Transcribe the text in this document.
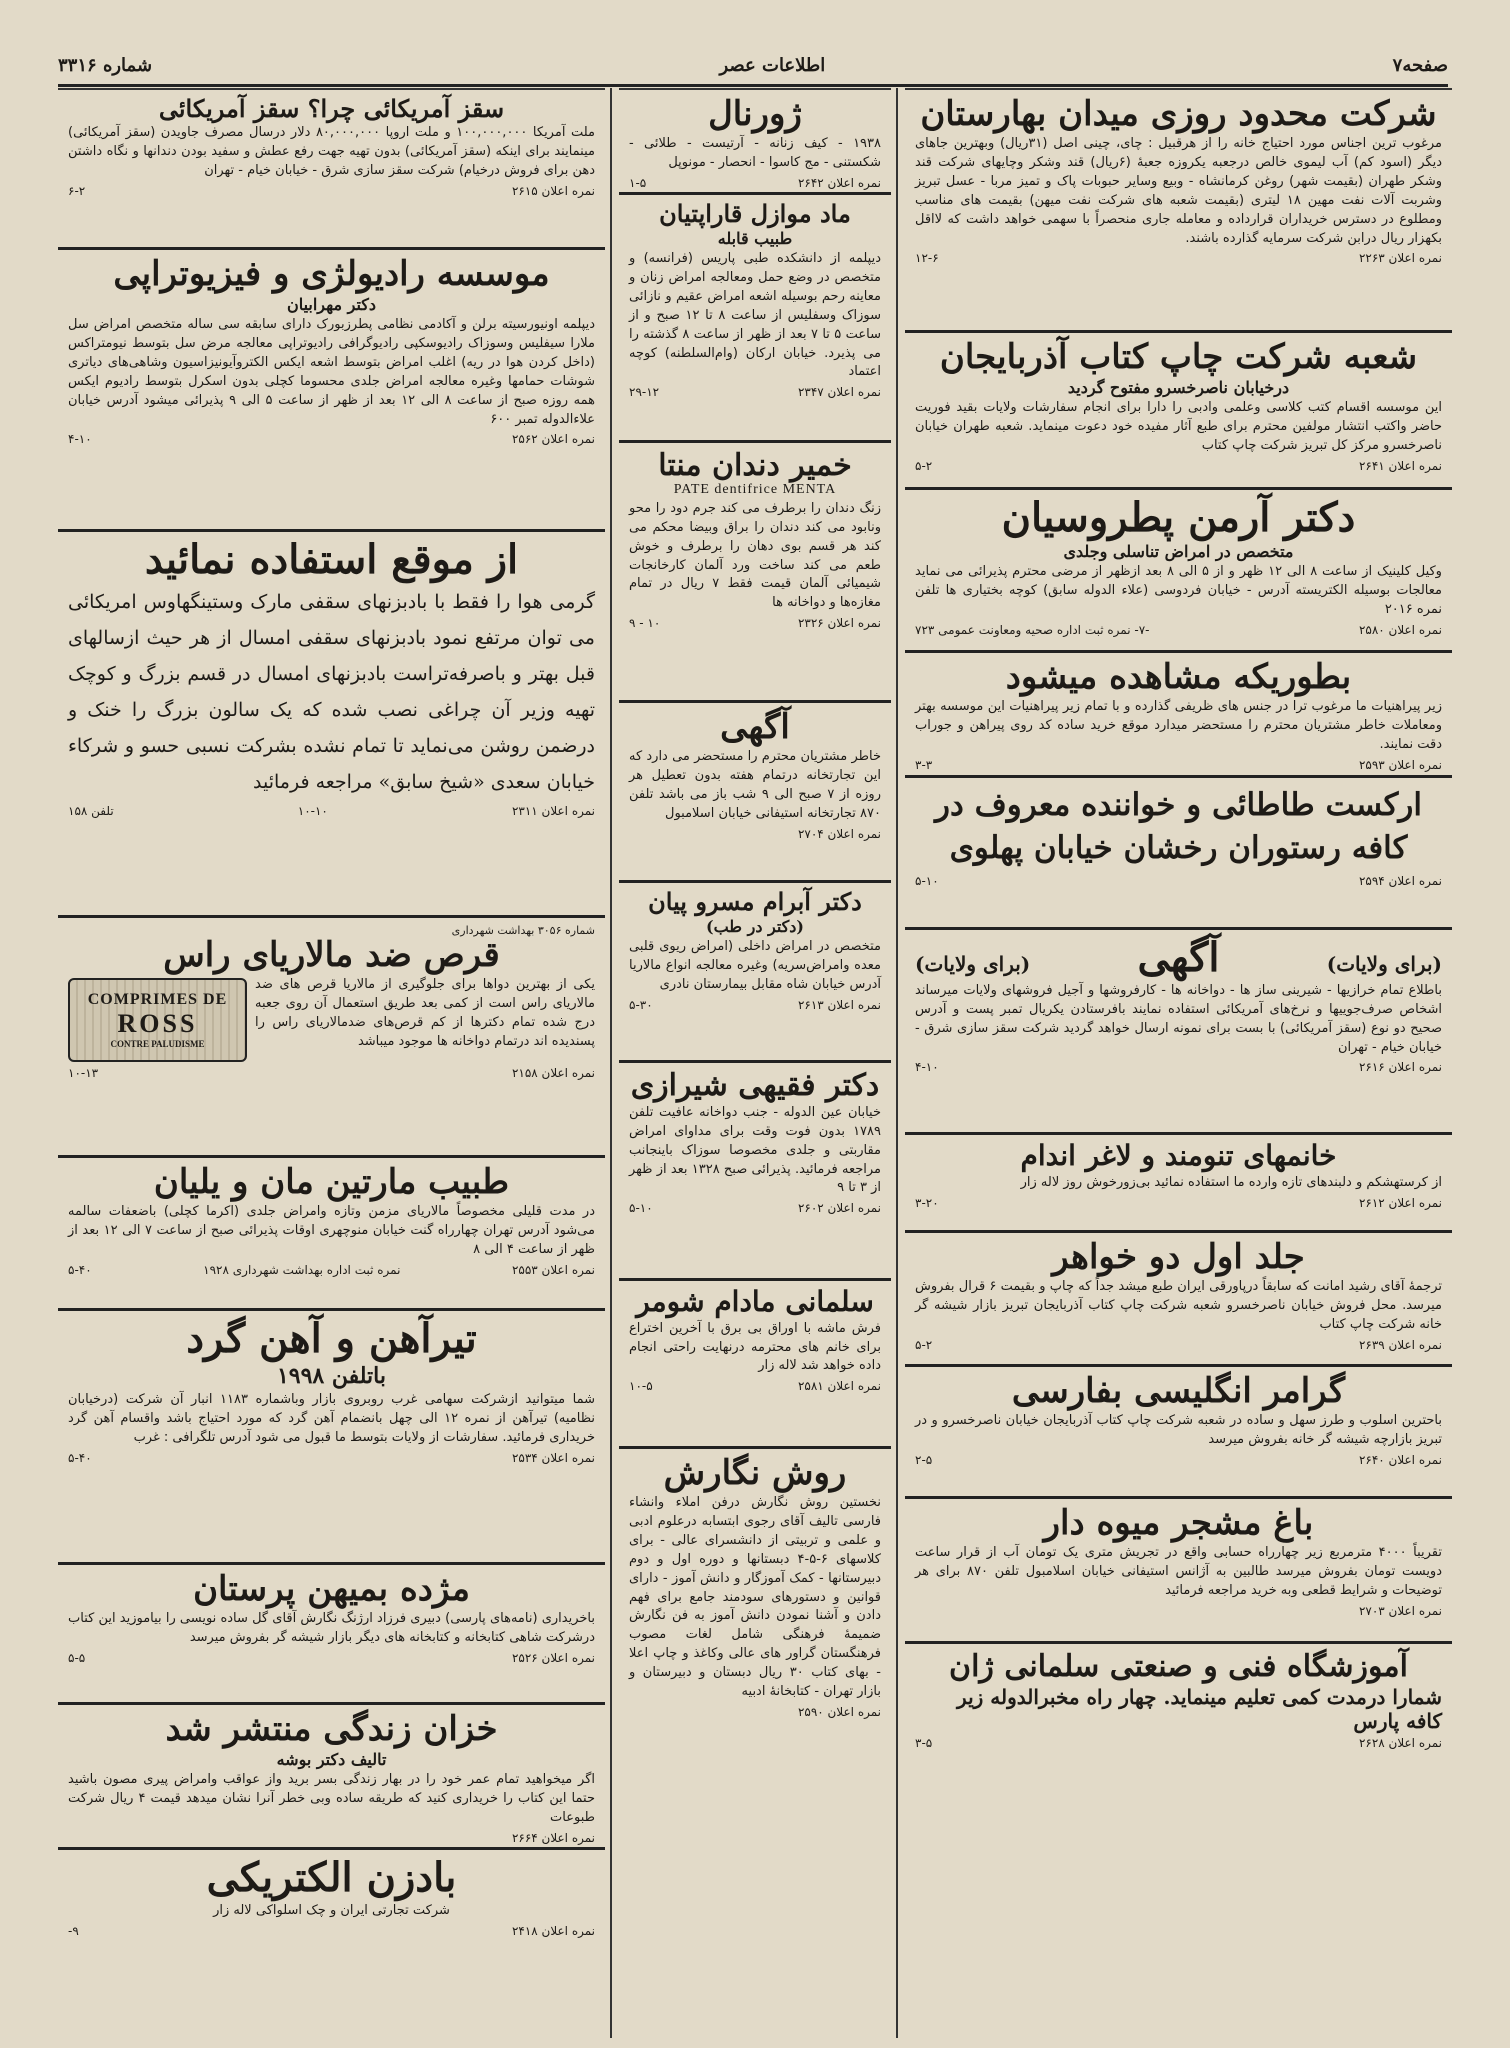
صفحه۷
اطلاعات عصر
شماره ۳۳۱۶
شرکت محدود روزی میدان بهارستان

مرغوب ترین اجناس مورد احتیاج خانه را از هرقبیل : چای، چینی اصل (۳۱ریال) وبهترین جاهای دیگر (اسود کم) آب لیموی خالص درجعبه یکروزه جعبهٔ (۶ریال) قند وشکر وچایهای شرکت قند وشکر طهران (بقیمت شهر) روغن کرمانشاه - وبیع وسایر حبوبات پاک و تمیز مربا - عسل تبریز وشربت آلات نفت مهین ۱۸ لیتری (بقیمت شعبه های شرکت نفت میهن) بقیمت های مناسب ومطلوع در دسترس خریداران قرارداده و معامله جاری منحصراً با سهمی خواهد داشت که لااقل بکهزار ریال درابن شرکت سرمایه گذارده باشند.

نمره اعلان ۲۲۶۳
۱۲-۶
شعبه شرکت چاپ کتاب آذربایجان
درخیابان ناصرخسرو مفتوح گردید

این موسسه اقسام کتب کلاسی وعلمی وادبی را دارا برای انجام سفارشات ولایات بقید فوریت حاضر واکتب انتشار مولفین محترم برای طبع آثار مفیده خود دعوت مینماید. شعبه طهران خیابان ناصرخسرو مرکز کل تبریز شرکت چاپ کتاب

نمره اعلان ۲۶۴۱
۵-۲
دکتر آرمن پطروسیان
متخصص در امراض تناسلی وجلدی

وکیل کلینیک از ساعت ۸ الی ۱۲ ظهر و از ۵ الی ۸ بعد ازظهر از مرضی محترم پذیرائی می نماید معالجات بوسیله الکتریسته آدرس - خیابان فردوسی (علاء الدوله سابق) کوچه بختیاری ها تلفن نمره ۲۰۱۶

نمره اعلان ۲۵۸۰
-۷- نمره ثبت اداره صحیه ومعاونت عمومی ۷۲۳
بطوریکه مشاهده میشود

زیر پیراهنیات ما مرغوب ترا در جنس های ظریفی گذارده و با تمام زیر پیراهنیات این موسسه بهتر ومعاملات خاطر مشتریان محترم را مستحضر میدارد موقع خرید ساده کد روی پیراهن و جوراب دقت نمایند.

نمره اعلان ۲۵۹۳
۳-۳
ارکست طاطائی و خواننده معروف در کافه رستوران رخشان خیابان پهلوی
نمره اعلان ۲۵۹۴
۵-۱۰
(برای ولایات)
آگهی
(برای ولایات)

باطلاع تمام خرازیها - شیرینی ساز ها - دواخانه ها - کارفروشها و آجیل فروشهای ولایات میرساند اشخاص صرف‌جوییها و نرخ‌های آمریکائی استفاده نمایند بافرستادن یکریال تمبر پست و آدرس صحیح دو نوع (سقز آمریکائی) با بست برای نمونه ارسال خواهد گردید شرکت سقز سازی شرق - خیابان خیام - تهران

نمره اعلان ۲۶۱۶
۴-۱۰
خانمهای تنومند و لاغر اندام

از کرستهشکم و دلبندهای تازه وارده ما استفاده نمائید بی‌زورخوش روز لاله زار

نمره اعلان ۲۶۱۲
۳-۲۰
جلد اول دو خواهر

ترجمهٔ آقای رشید امانت که سابقاً درپاورقی ایران طبع میشد جداً که چاپ و بقیمت ۶ قرال بفروش میرسد. محل فروش خیابان ناصرخسرو شعبه شرکت چاپ کتاب آذربایجان تبریز بازار شیشه گر خانه شرکت چاپ کتاب

نمره اعلان ۲۶۳۹
۵-۲
گرامر انگلیسی بفارسی

باحترین اسلوب و طرز سهل و ساده در شعبه شرکت چاپ کتاب آذربایجان خیابان ناصرخسرو و در تبریز بازارچه شیشه گر خانه بفروش میرسد

نمره اعلان ۲۶۴۰
۲-۵
باغ مشجر میوه دار

تقریباً ۴۰۰۰ مترمربع زیر چهارراه حسابی واقع در تجریش متری یک تومان آب از قرار ساعت دویست تومان بفروش میرسد طالبین به آژانس استیفانی خیابان اسلامبول تلفن ۸۷۰ برای هر توضیحات و شرایط قطعی وبه خرید مراجعه فرمائید

نمره اعلان ۲۷۰۳
آموزشگاه فنی و صنعتی سلمانی ژان
شمارا درمدت کمی تعلیم مینماید. چهار راه مخبرالدوله زیر کافه پارس
نمره اعلان ۲۶۲۸
۳-۵
ژورنال

۱۹۳۸ - کیف زنانه - آرتیست - طلائی - شکستنی - مج کاسوا - انحصار - مونوپل

نمره اعلان ۲۶۴۲
۱-۵
ماد موازل قاراپتیان
طبیب قابله

دیپلمه از دانشکده طبی پاریس (فرانسه) و متخصص در وضع حمل ومعالجه امراض زنان و معاینه رحم بوسیله اشعه امراض عقیم و نازائی سوزاک وسفلیس از ساعت ۸ تا ۱۲ صبح و از ساعت ۵ تا ۷ بعد از ظهر از ساعت ۸ گذشته را می پذیرد. خیابان ارکان (وام‌السلطنه) کوچه اعتماد

نمره اعلان ۲۳۴۷
۲۹-۱۲
خمیر دندان منتا
PATE dentifrice MENTA

زنگ دندان را برطرف می کند جرم دود را محو ونابود می کند دندان را براق وبیضا محکم می کند هر قسم بوی دهان را برطرف و خوش طعم می کند ساخت ورد آلمان کارخانجات شیمیائی آلمان قیمت فقط ۷ ریال در تمام مغازه‌ها و دواخانه ها

نمره اعلان ۲۳۲۶
۱۰ - ۹
آگهی

خاطر مشتریان محترم را مستحضر می دارد که این تجارتخانه درتمام هفته بدون تعطیل هر روزه از ۷ صبح الی ۹ شب باز می باشد تلفن ۸۷۰ تجارتخانه استیفانی خیابان اسلامبول

نمره اعلان ۲۷۰۴
دکتر آبرام مسرو پیان
(دکتر در طب)

متخصص در امراض داخلی (امراض ریوی قلبی معده وامراض‌سریه) وغیره معالجه انواع مالاریا آدرس خیابان شاه مقابل بیمارستان نادری

نمره اعلان ۲۶۱۳
۵-۳۰
دکتر فقیهی شیرازی

خیابان عین الدوله - جنب دواخانه عافیت تلفن ۱۷۸۹ بدون فوت وقت برای مداوای امراض مقاربتی و جلدی مخصوصا سوزاک باینجانب مراجعه فرمائید. پذیرائی صبح ۱۳۲۸ بعد از ظهر از ۳ تا ۹

نمره اعلان ۲۶۰۲
۵-۱۰
سلمانی مادام شومر

فرش ماشه با اوراق بی برق با آخرین اختراع برای خانم های محترمه درنهایت راحتی انجام داده خواهد شد لاله زار

نمره اعلان ۲۵۸۱
۱۰-۵
روش نگارش

نخستین روش نگارش درفن املاء وانشاء فارسی تالیف آقای رجوی ابتسابه درعلوم ادبی و علمی و تربیتی از دانشسرای عالی - برای کلاسهای ۶-۵-۴ دبستانها و دوره اول و دوم دبیرستانها - کمک آموزگار و دانش آموز - دارای قوانین و دستورهای سودمند جامع برای فهم دادن و آشنا نمودن دانش آموز به فن نگارش ضمیمهٔ فرهنگی شامل لغات مصوب فرهنگستان گراور های عالی وکاغذ و چاپ اعلا - بهای کتاب ۳۰ ریال دبستان و دبیرستان و بازار تهران - کتابخانهٔ ادبیه

نمره اعلان ۲۵۹۰
سقز آمریکائی چرا؟ سقز آمریکائی

ملت آمریکا ۱۰۰,۰۰۰,۰۰۰ و ملت اروپا ۸۰,۰۰۰,۰۰۰ دلار درسال مصرف جاویدن (سقز آمریکائی) مینمایند برای اینکه (سقز آمریکائی) بدون تهیه جهت رفع عطش و سفید بودن دندانها و نگاه داشتن دهن برای فروش درخیام) شرکت سقز سازی شرق - خیابان خیام - تهران

نمره اعلان ۲۶۱۵
۶-۲
موسسه رادیولژی و فیزیوتراپی
دکتر مهرابیان

دیپلمه اونیورسیته برلن و آکادمی نظامی پطرزبورک دارای سابقه سی ساله متخصص امراض سل ملارا سیفلیس وسوزاک رادیوسکپی رادیوگرافی رادیوتراپی معالجه مرض سل بتوسط نیومتراکس (داخل کردن هوا در ریه) اغلب امراض بتوسط اشعه ایکس الکتروآیونیزاسیون وشاهی‌های دیاتری شوشات حمامها وغیره معالجه امراض جلدی محسوما کچلی بدون اسکرل بتوسط رادیوم ایکس همه روزه صبح از ساعت ۸ الی ۱۲ بعد از ظهر از ساعت ۵ الی ۹ پذیرائی میشود آدرس خیابان علاءالدوله تمبر ۶۰۰

نمره اعلان ۲۵۶۲
۴-۱۰
از موقع استفاده نمائید

گرمی هوا را فقط با بادبزنهای سقفی مارک وستینگهاوس امریکائی می توان مرتفع نمود بادبزنهای سقفی امسال از هر حیث ازسالهای قبل بهتر و باصرفه‌تراست بادبزنهای امسال در قسم بزرگ و کوچک تهیه وزیر آن چراغی نصب شده که یک سالون بزرگ را خنک و درضمن روشن می‌نماید تا تمام نشده بشرکت نسبی حسو و شرکاء خیابان سعدی «شیخ سابق» مراجعه فرمائید

نمره اعلان ۲۳۱۱
۱۰-۱۰
تلفن ۱۵۸
شماره ۳۰۵۶ بهداشت شهرداری
قرص ضد مالاریای راس
COMPRIMES DE
ROSS
CONTRE PALUDISME

یکی از بهترین دواها برای جلوگیری از مالاریا قرص های ضد مالاریای راس است از کمی بعد طریق استعمال آن روی جعبه درج شده تمام دکترها از کم قرص‌های ضدمالاریای راس را پسندیده اند درتمام دواخانه ها موجود میباشد

نمره اعلان ۲۱۵۸
۱۰-۱۳
طبیب مارتین مان و یلیان

در مدت قلیلی مخصوصاً مالاریای مزمن وتازه وامراض جلدی (اکرما کچلی) باضعفات سالمه می‌شود آدرس تهران چهارراه گنت خیابان منوچهری اوقات پذیرائی صبح از ساعت ۷ الی ۱۲ بعد از ظهر از ساعت ۴ الی ۸

نمره اعلان ۲۵۵۳
نمره ثبت اداره بهداشت شهرداری ۱۹۲۸
۵-۴۰
تیرآهن و آهن گرد
باتلفن ۱۹۹۸

شما میتوانید ازشرکت سهامی غرب روبروی بازار وباشماره ۱۱۸۳ انبار آن شرکت (درخیابان نظامیه) تیرآهن از نمره ۱۲ الی چهل بانضمام آهن گرد که مورد احتیاج باشد واقسام آهن گرد خریداری فرمائید. سفارشات از ولایات بتوسط ما قبول می شود آدرس تلگرافی : غرب

نمره اعلان ۲۵۳۴
۵-۴۰
مژده بمیهن پرستان

باخریداری (نامه‌های پارسی) دبیری فرزاد ارژنگ نگارش آقای گل ساده نویسی را بیاموزید این کتاب درشرکت شاهی کتابخانه و کتابخانه های دیگر بازار شیشه گر بفروش میرسد

نمره اعلان ۲۵۲۶
۵-۵
خزان زندگی منتشر شد
تالیف دکتر بوشه

اگر میخواهید تمام عمر خود را در بهار زندگی بسر برید واز عواقب وامراض پیری مصون باشید حتما این کتاب را خریداری کنید که طریقه ساده وبی خطر آنرا نشان میدهد قیمت ۴ ریال شرکت طبوعات

نمره اعلان ۲۶۶۴
بادزن الکتریکی

شرکت تجارتی ایران و چک اسلواکی لاله زار

نمره اعلان ۲۴۱۸
۹-
